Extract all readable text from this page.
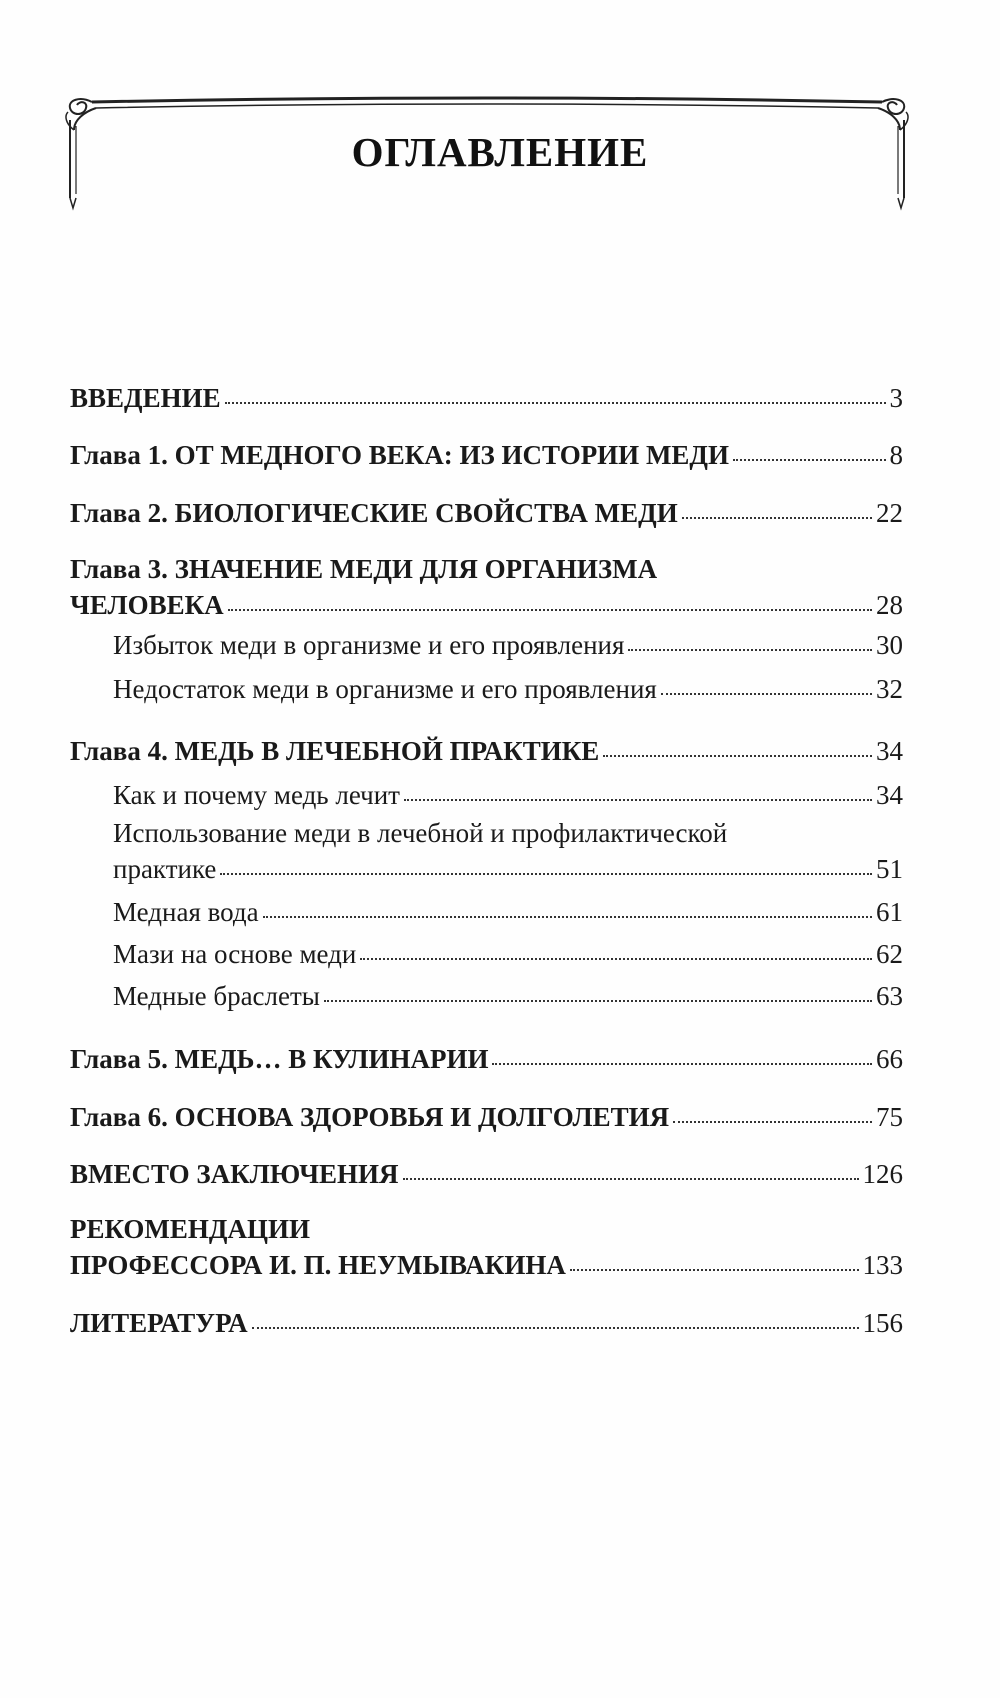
ОГЛАВЛЕНИЕ
ВВЕДЕНИЕ	3
Глава 1. ОТ МЕДНОГО ВЕКА: ИЗ ИСТОРИИ МЕДИ	8
Глава 2. БИОЛОГИЧЕСКИЕ СВОЙСТВА МЕДИ	22
Глава 3. ЗНАЧЕНИЕ МЕДИ ДЛЯ ОРГАНИЗМА
ЧЕЛОВЕКА	28
Избыток меди в организме и его проявления	30
Недостаток меди в организме и его проявления	32
Глава 4. МЕДЬ В ЛЕЧЕБНОЙ ПРАКТИКЕ	34
Как и почему медь лечит	34
Использование меди в лечебной и профилактической
практике	51
Медная вода	61
Мази на основе меди	62
Медные браслеты	63
Глава 5. МЕДЬ… В КУЛИНАРИИ	66
Глава 6. ОСНОВА ЗДОРОВЬЯ И ДОЛГОЛЕТИЯ	75
ВМЕСТО ЗАКЛЮЧЕНИЯ	126
РЕКОМЕНДАЦИИ
ПРОФЕССОРА И. П. НЕУМЫВАКИНА	133
ЛИТЕРАТУРА	156
